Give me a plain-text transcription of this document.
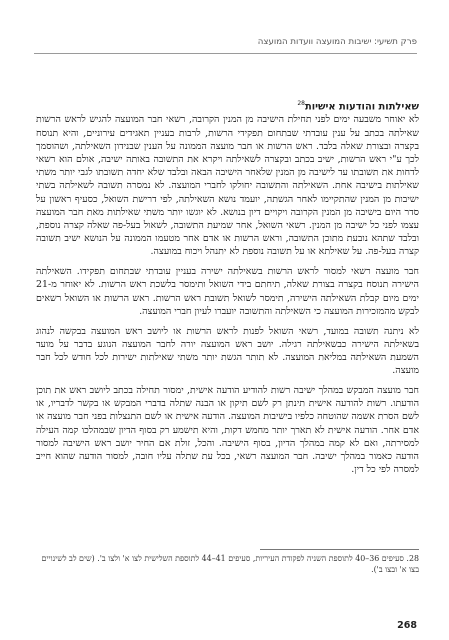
פרק תשיעי: ישיבות המועצה וועדות המועצה
שאילתות והודעות אישיות$^{28}$

לא יאוחר משבעה ימים לפני תחילת הישיבה מן המנין הקרובה, רשאי חבר המועצה להגיש לראש הרשות שאילתה בכתב על ענין עובדתי שבתחום תפקידי הרשות, לרבות בעניין תאגידים עירוניים, והיא תנוסח בקצרה ובצורת שאלה בלבד. ראש הרשות או חבר מועצה הממונה על הענין שבנידון השאילתה, ושהוסמך לכך ע"י ראש הרשות, ישיב בכתב ובקצרה לשאילתה ויקרא את התשובה באותה ישיבה, אולם הוא רשאי לדחות את תשובתו עד לישיבה מן המנין שלאחר הישיבה הבאה ובלבד שלא יחדה תשובתו לגבי יותר משתי שאילתות בישיבה אחת. השאילתה והתשובה יחולקו לחברי המועצה. לא נמסרה תשובה לשאילתה בשתי ישיבות מן המנין שהתקיימו לאחר הגשתה, יועמד נושא השאילתה, לפי דרישת השואל, כסעיף ראשון על סדר היום בישיבה מן המנין הקרובה ויקויים דיון בנושא. לא יוגשו יותר משתי שאילתות מאת חבר המועצה עצמו לפני כל ישיבה מן המנין. רשאי השואל, אחר שמיעת התשובה, לשאול בעל-פה שאלה קצרה נוספת, ובלבד שתהא נובעת מתוכן התשובה, וראש הרשות או אדם אחר מטעמו הממונה על הנושא ישיב תשובה קצרה בעל-פה. על שאילתא או על תשובה נוספת לא יתנהל ויכוח במועצה.

חבר מועצה רשאי למסור לראש הרשות בשאילתה ישירה בעניין עובדתי שבתחום תפקידו. השאילתה הישירה תנוסח בקצרה בצורת שאלה, תיחתם בידי השואל ותימסר בלשכת ראש הרשות. לא יאוחר מ-21 ימים מיום קבלת השאילתה הישירה, תימסר לשואל תשובת ראש הרשות. ראש הרשות או השואל רשאים לבקש מהמזכירות המועצה כי השאילתה והתשובה יועברו לעיון חברי המועצה.

לא ניתנה תשובה במועד, רשאי השואל לפנות לראש הרשות או ליושב ראש המועצה בבקשה לנהוג בשאילתה הישירה כבשאילתה רגילה. יושב ראש המועצה יורה לחבר המועצה הנוגע בדבר על מועד השמעת השאילתה במליאת המועצה. לא תותר הגשת יותר משתי שאילתות ישירות לכל חודש לכל חבר מועצה.

חבר מועצה המבקש במהלך ישיבה רשות להודיע הודעה אישית, ימסור תחילה בכתב ליושב ראש את תוכן הודעתו. רשות להודעה אישית תינתן רק לשם תיקון או הבנה שתלה בדברי המבקש או בקשר לדבריו, או לשם הסרת אשמה שהוטחה כלפיו בישיבות המועצה. הודעה אישית או לשם התנצלות בפני חבר מועצה או אדם אחר. הודעה אישית לא תארך יותר מחמש דקות, והיא תישמע רק בסוף הדיון שבמהלכו קמה העילה למסירתה, ואם לא קמה במהלך הדיון, בסוף הישיבה. והכל, זולת אם החיר יושב ראש הישיבה למסור הודעה כאמור במהלך ישיבה. חבר המועצה רשאי, בכל עת שתלה עליו חובה, למסור הודעה שהוא חייב למסרה לפי כל דין.

28. סעיפים 36–40 לתוספת השניה לפקודת העיריות, סעיפים 41–44 לתוספת השלישית לצו א' ולצו ב'. (שים לב לשינויים בצו א' ובצו ב').
268
